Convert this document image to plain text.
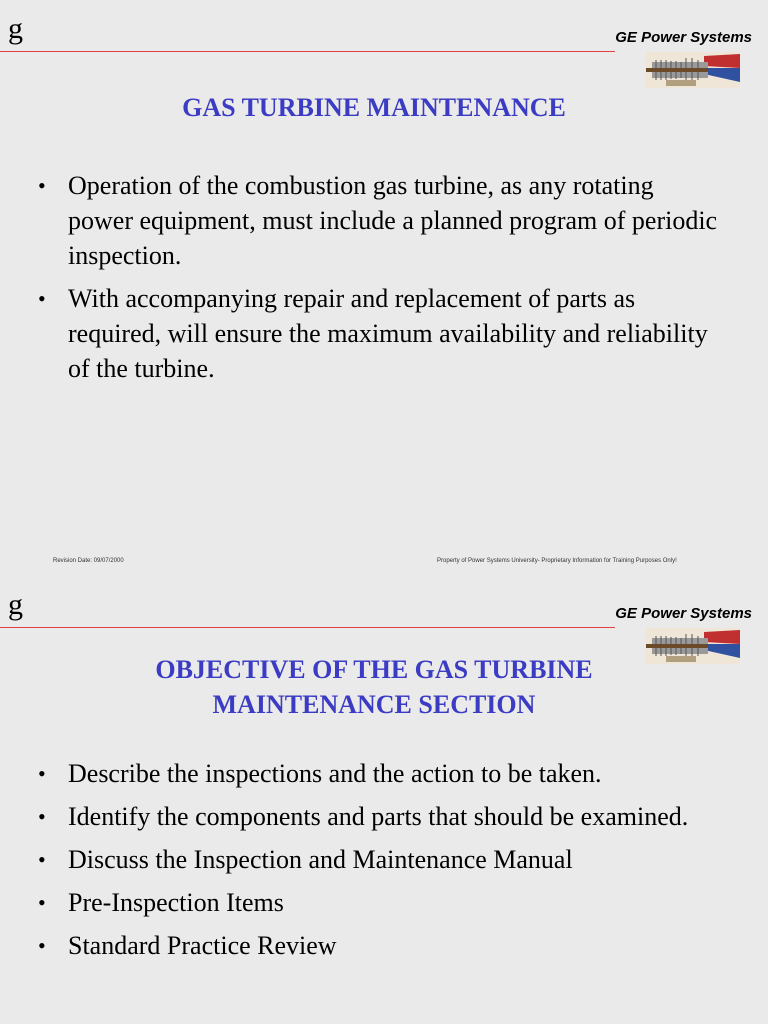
g	GE Power Systems
GAS TURBINE MAINTENANCE
• Operation of the combustion gas turbine, as any rotating power equipment, must include a planned program of periodic inspection.
• With accompanying repair and replacement of parts as required, will ensure the maximum availability and reliability of the turbine.
Revision Date: 09/07/2000	Property of Power Systems University- Proprietary Information for Training Purposes Only!
g	GE Power Systems
OBJECTIVE OF THE GAS TURBINE
MAINTENANCE SECTION
• Describe the inspections and the action to be taken.
• Identify the components and parts that should be examined.
• Discuss the Inspection and Maintenance Manual
• Pre-Inspection Items
• Standard Practice Review
